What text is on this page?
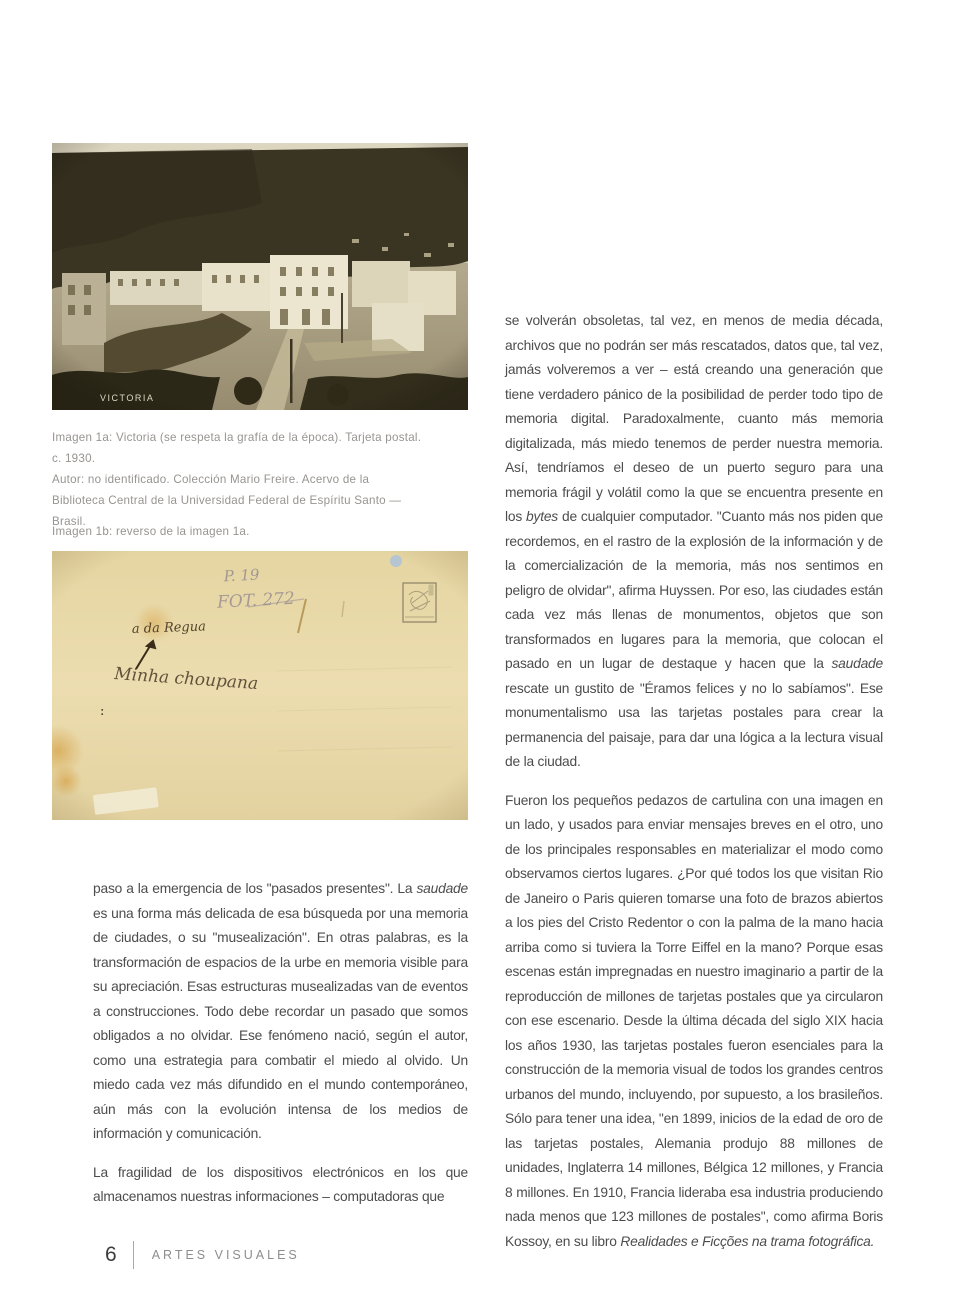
VICTORIA
Imagen 1a: Victoria (se respeta la grafía de la época). Tarjeta postal. c. 1930.
Autor: no identificado. Colección Mario Freire. Acervo de la Biblioteca Central de la Universidad Federal de Espíritu Santo — Brasil.
Imagen 1b: reverso de la imagen 1a.
P. 19
FOT. 272
a da Regua
Minha choupana
:

paso a la emergencia de los "pasados presentes". La saudade es una forma más delicada de esa búsqueda por una memoria de ciudades, o su "musealización". En otras palabras, es la transformación de espacios de la urbe en memoria visible para su apreciación. Esas estructuras musealizadas van de eventos a construcciones. Todo debe recordar un pasado que somos obligados a no olvidar. Ese fenómeno nació, según el autor, como una estrategia para combatir el miedo al olvido. Un miedo cada vez más difundido en el mundo contemporáneo, aún más con la evolución intensa de los medios de información y comunicación.

La fragilidad de los dispositivos electrónicos en los que almacenamos nuestras informaciones – computadoras que

se volverán obsoletas, tal vez, en menos de media década, archivos que no podrán ser más rescatados, datos que, tal vez, jamás volveremos a ver – está creando una generación que tiene verdadero pánico de la posibilidad de perder todo tipo de memoria digital. Paradoxalmente, cuanto más memoria digitalizada, más miedo tenemos de perder nuestra memoria. Así, tendríamos el deseo de un puerto seguro para una memoria frágil y volátil como la que se encuentra presente en los bytes de cualquier computador. "Cuanto más nos piden que recordemos, en el rastro de la explosión de la información y de la comercialización de la memoria, más nos sentimos en peligro de olvidar", afirma Huyssen. Por eso, las ciudades están cada vez más llenas de monumentos, objetos que son transformados en lugares para la memoria, que colocan el pasado en un lugar de destaque y hacen que la saudade rescate un gustito de "Éramos felices y no lo sabíamos". Ese monumentalismo usa las tarjetas postales para crear la permanencia del paisaje, para dar una lógica a la lectura visual de la ciudad.

Fueron los pequeños pedazos de cartulina con una imagen en un lado, y usados para enviar mensajes breves en el otro, uno de los principales responsables en materializar el modo como observamos ciertos lugares. ¿Por qué todos los que visitan Rio de Janeiro o Paris quieren tomarse una foto de brazos abiertos a los pies del Cristo Redentor o con la palma de la mano hacia arriba como si tuviera la Torre Eiffel en la mano? Porque esas escenas están impregnadas en nuestro imaginario a partir de la reproducción de millones de tarjetas postales que ya circularon con ese escenario. Desde la última década del siglo XIX hacia los años 1930, las tarjetas postales fueron esenciales para la construcción de la memoria visual de todos los grandes centros urbanos del mundo, incluyendo, por supuesto, a los brasileños. Sólo para tener una idea, "en 1899, inicios de la edad de oro de las tarjetas postales, Alemania produjo 88 millones de unidades, Inglaterra 14 millones, Bélgica 12 millones, y Francia 8 millones. En 1910, Francia lideraba esa industria produciendo nada menos que 123 millones de postales", como afirma Boris Kossoy, en su libro Realidades e Ficções na trama fotográfica.

6	ARTES VISUALES
